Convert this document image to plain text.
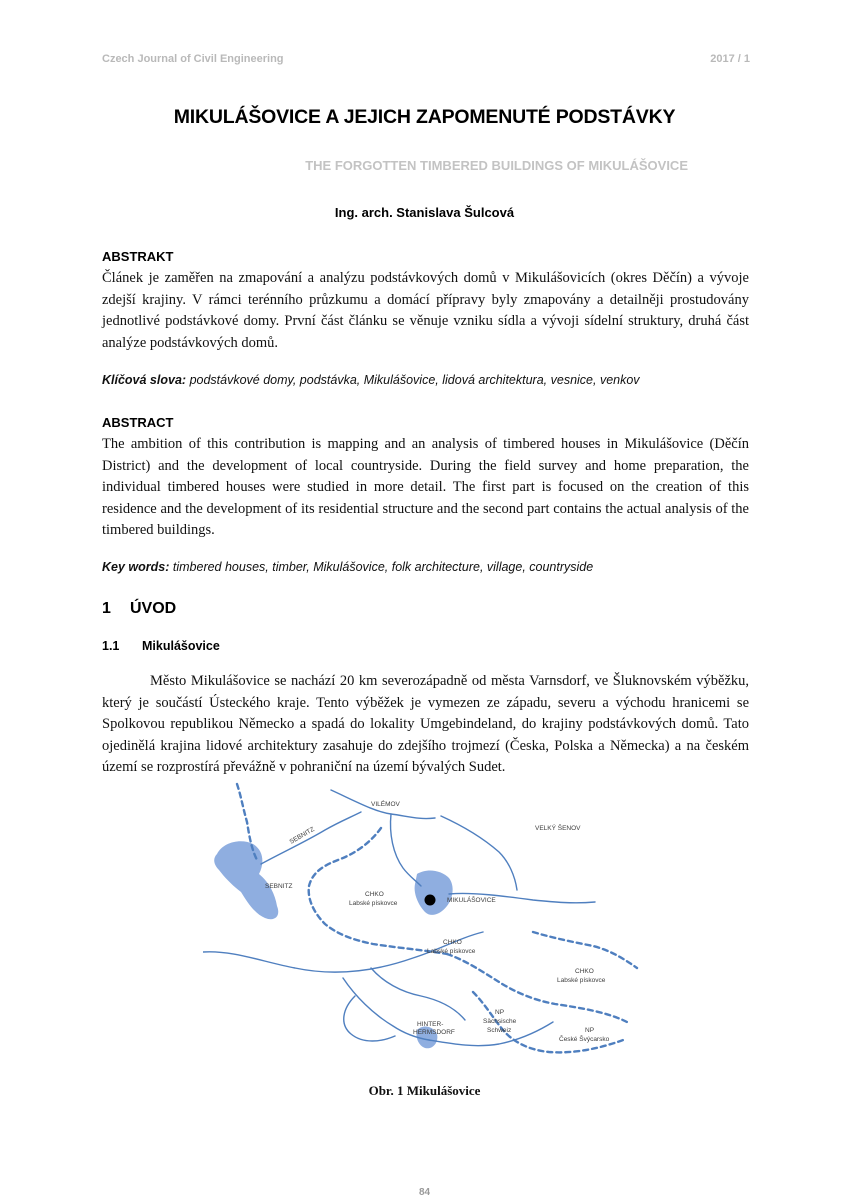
Czech Journal of Civil Engineering	2017 / 1
MIKULÁŠOVICE A JEJICH ZAPOMENUTÉ PODSTÁVKY
THE FORGOTTEN TIMBERED BUILDINGS OF MIKULÁŠOVICE
Ing. arch. Stanislava Šulcová
ABSTRAKT

Článek je zaměřen na zmapování a analýzu podstávkových domů v Mikulášovicích (okres Děčín) a vývoje zdejší krajiny. V rámci terénního průzkumu a domácí přípravy byly zmapovány a detailněji prostudovány jednotlivé podstávkové domy. První část článku se věnuje vzniku sídla a vývoji sídelní struktury, druhá část analýze podstávkových domů.

Klíčová slova: podstávkové domy, podstávka, Mikulášovice, lidová architektura, vesnice, venkov
ABSTRACT

The ambition of this contribution is mapping and an analysis of timbered houses in Mikulášovice (Děčín District) and the development of local countryside. During the field survey and home preparation, the individual timbered houses were studied in more detail. The first part is focused on the creation of this residence and the development of its residential structure and the second part contains the actual analysis of the timbered buildings.

Key words: timbered houses, timber, Mikulášovice, folk architecture, village, countryside
1 ÚVOD
1.1 Mikulášovice

Město Mikulášovice se nachází 20 km severozápadně od města Varnsdorf, ve Šluknovském výběžku, který je součástí Ústeckého kraje. Tento výběžek je vymezen ze západu, severu a východu hranicemi se Spolkovou republikou Německo a spadá do lokality Umgebindeland, do krajiny podstávkových domů. Tato ojedinělá krajina lidové architektury zasahuje do zdejšího trojmezí (Česka, Polska a Německa) a na českém území se rozprostírá převážně v pohraniční na území bývalých Sudet.

VILÉMOV
VELKÝ ŠENOV
SEBNITZ
SEBNITZ
CHKO
Labské pískovce	MIKULÁŠOVICE
CHKO
Labské pískovce
CHKO
Labské pískovce
NP
Sächsische
Schweiz
HINTER-
HERMSDORF	NP
České Švýcarsko
Obr. 1 Mikulášovice
84
